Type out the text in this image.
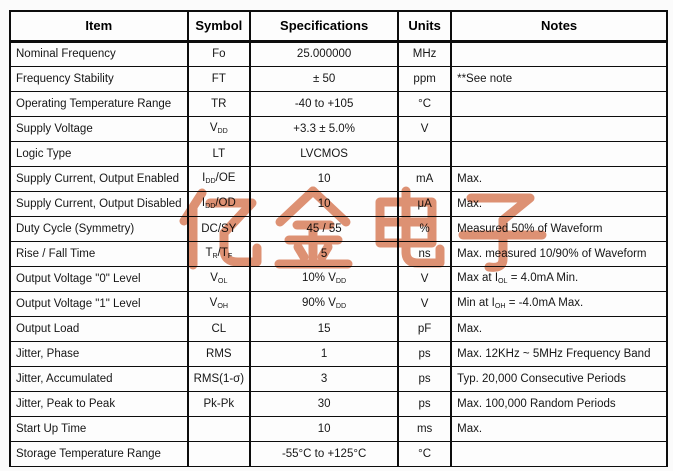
Item	Symbol	Specifications	Units	Notes
Nominal Frequency	Fo	25.000000	MHz	
Frequency Stability	FT	± 50	ppm	**See note
Operating Temperature Range	TR	-40 to +105	°C	
Supply Voltage	$V_{DD}$	+3.3 ± 5.0%	V	
Logic Type	LT	LVCMOS		
Supply Current, Output Enabled	$I_{DD}/OE$	10	mA	Max.
Supply Current, Output Disabled	$I_{DD}/OD$	10	μA	Max.
Duty Cycle (Symmetry)	DC/SY	45 / 55	%	Measured 50% of Waveform
Rise / Fall Time	$T_R/T_F$	5	ns	Max. measured 10/90% of Waveform
Output Voltage "0" Level	$V_{OL}$	10% $V_{DD}$	V	Max at $I_{OL} = 4.0mA$ Min.
Output Voltage "1" Level	$V_{OH}$	90% $V_{DD}$	V	Min at $I_{OH} = -4.0mA$ Max.
Output Load	CL	15	pF	Max.
Jitter, Phase	RMS	1	ps	Max. 12KHz ~ 5MHz Frequency Band
Jitter, Accumulated	RMS(1-σ)	3	ps	Typ. 20,000 Consecutive Periods
Jitter, Peak to Peak	Pk-Pk	30	ps	Max. 100,000 Random Periods
Start Up Time		10	ms	Max.
Storage Temperature Range		-55°C to +125°C	°C	
